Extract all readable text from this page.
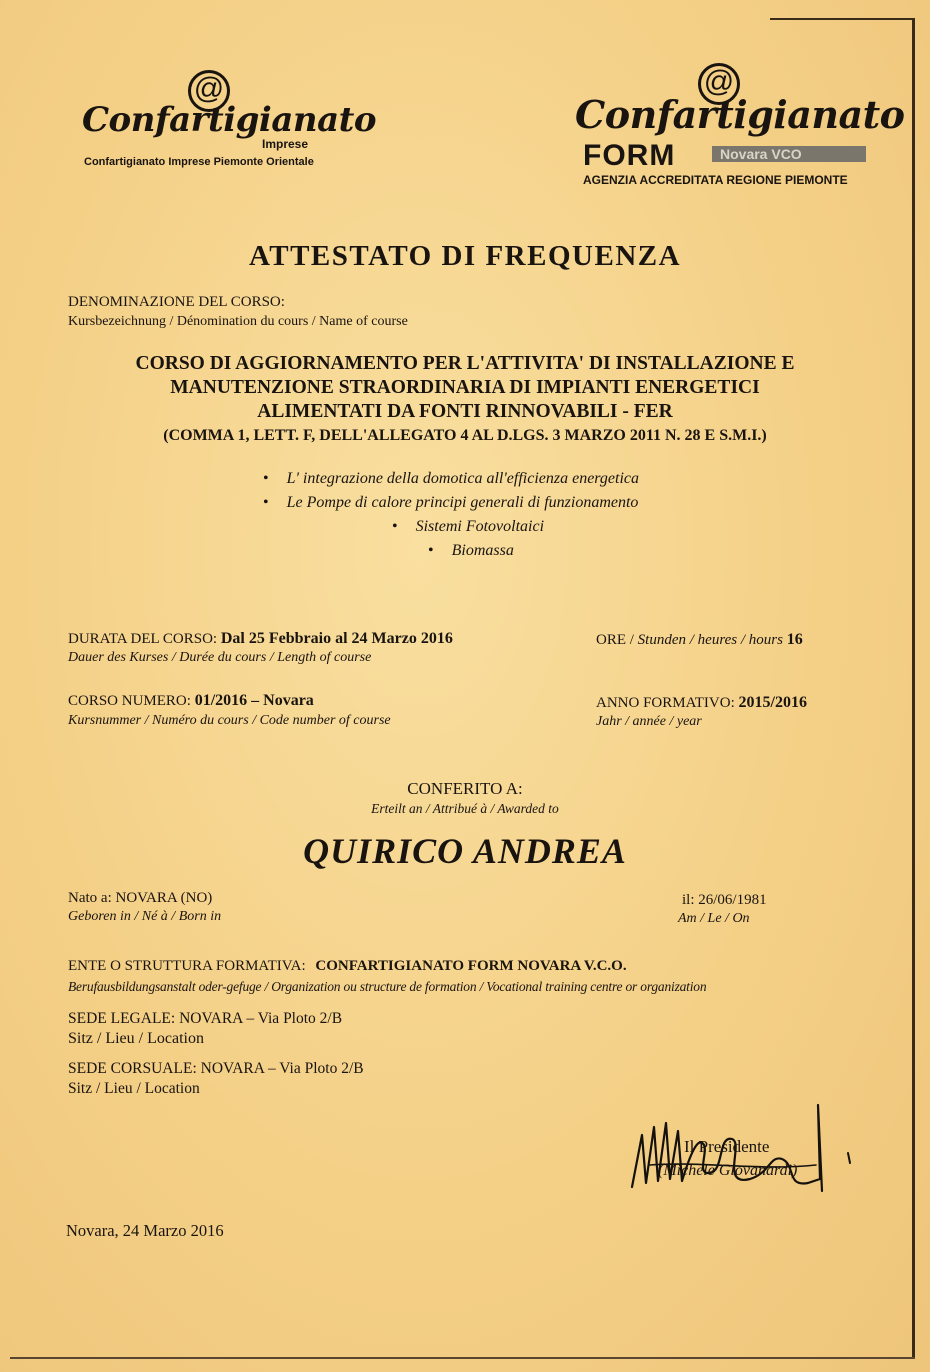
@
Confartigianato
Imprese
Confartigianato Imprese Piemonte Orientale
@
Confartigianato
FORM	Novara VCO
AGENZIA ACCREDITATA REGIONE PIEMONTE
ATTESTATO DI FREQUENZA
DENOMINAZIONE DEL CORSO:
Kursbezeichnung / Dénomination du cours / Name of course
CORSO DI AGGIORNAMENTO PER L'ATTIVITA' DI INSTALLAZIONE E
MANUTENZIONE STRAORDINARIA DI IMPIANTI ENERGETICI
ALIMENTATI DA FONTI RINNOVABILI - FER
(COMMA 1, LETT. F, DELL'ALLEGATO 4 AL D.LGS. 3 MARZO 2011 N. 28 E S.M.I.)
• L' integrazione della domotica all'efficienza energetica
• Le Pompe di calore principi generali di funzionamento
• Sistemi Fotovoltaici
• Biomassa
DURATA DEL CORSO: Dal 25 Febbraio al 24 Marzo 2016
Dauer des Kurses / Durée du cours / Length of course
ORE / Stunden / heures / hours 16
CORSO NUMERO: 01/2016 – Novara
Kursnummer / Numéro du cours / Code number of course
ANNO FORMATIVO: 2015/2016
Jahr / année / year
CONFERITO A:
Erteilt an / Attribué à / Awarded to
QUIRICO ANDREA
Nato a: NOVARA (NO)
Geboren in / Né à / Born in
il: 26/06/1981
Am / Le / On
ENTE O STRUTTURA FORMATIVA: CONFARTIGIANATO FORM NOVARA V.C.O.
Berufausbildungsanstalt oder-gefuge / Organization ou structure de formation / Vocational training centre or organization
SEDE LEGALE: NOVARA – Via Ploto 2/B
Sitz / Lieu / Location
SEDE CORSUALE: NOVARA – Via Ploto 2/B
Sitz / Lieu / Location
Il Presidente
(Michele Giovanardi)
Novara, 24 Marzo 2016
